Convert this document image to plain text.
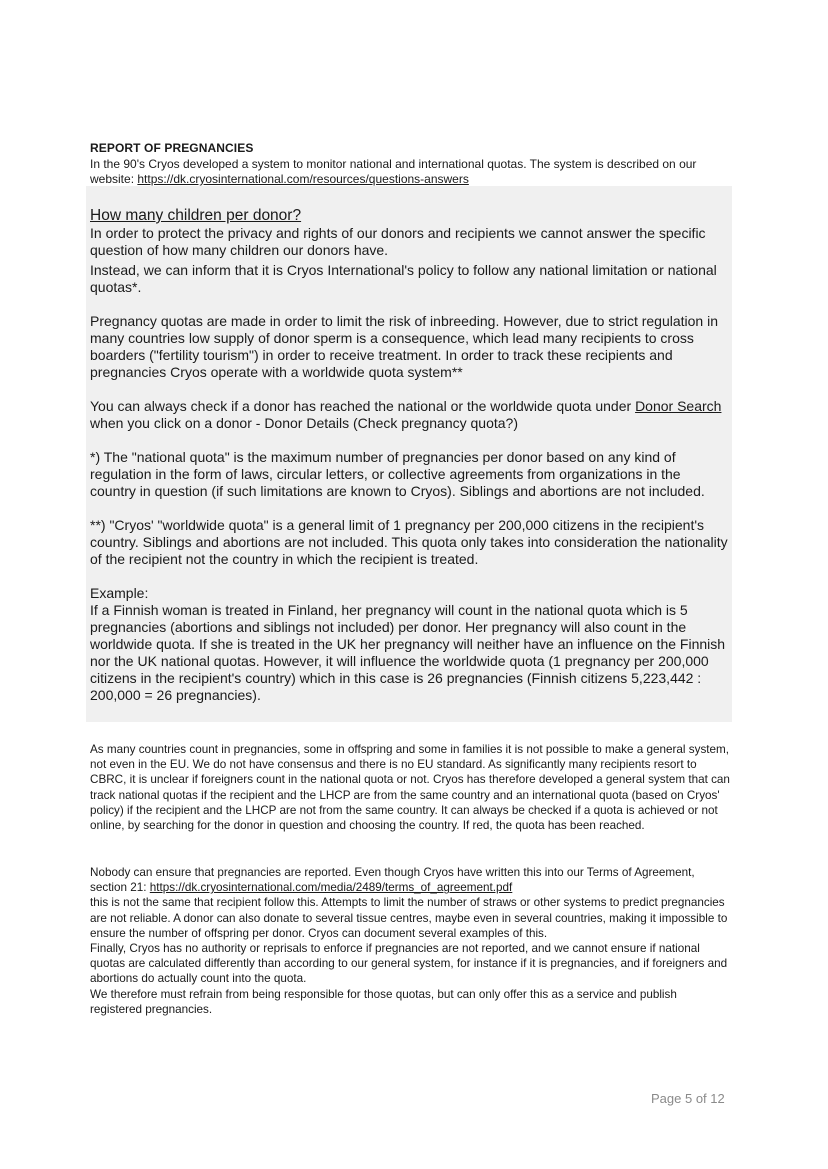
REPORT OF PREGNANCIES
In the 90's Cryos developed a system to monitor national and international quotas. The system is described on our website: https://dk.cryosinternational.com/resources/questions-answers
How many children per donor?

In order to protect the privacy and rights of our donors and recipients we cannot answer the specific question of how many children our donors have.

Instead, we can inform that it is Cryos International's policy to follow any national limitation or national quotas*.

Pregnancy quotas are made in order to limit the risk of inbreeding. However, due to strict regulation in many countries low supply of donor sperm is a consequence, which lead many recipients to cross boarders ("fertility tourism") in order to receive treatment. In order to track these recipients and pregnancies Cryos operate with a worldwide quota system**

You can always check if a donor has reached the national or the worldwide quota under Donor Search when you click on a donor - Donor Details (Check pregnancy quota?)

*) The "national quota" is the maximum number of pregnancies per donor based on any kind of regulation in the form of laws, circular letters, or collective agreements from organizations in the country in question (if such limitations are known to Cryos). Siblings and abortions are not included.

**) "Cryos' "worldwide quota" is a general limit of 1 pregnancy per 200,000 citizens in the recipient's country. Siblings and abortions are not included. This quota only takes into consideration the nationality of the recipient not the country in which the recipient is treated.

Example:

If a Finnish woman is treated in Finland, her pregnancy will count in the national quota which is 5 pregnancies (abortions and siblings not included) per donor. Her pregnancy will also count in the worldwide quota. If she is treated in the UK her pregnancy will neither have an influence on the Finnish nor the UK national quotas. However, it will influence the worldwide quota (1 pregnancy per 200,000 citizens in the recipient's country) which in this case is 26 pregnancies (Finnish citizens 5,223,442 : 200,000 = 26 pregnancies).

As many countries count in pregnancies, some in offspring and some in families it is not possible to make a general system, not even in the EU. We do not have consensus and there is no EU standard. As significantly many recipients resort to CBRC, it is unclear if foreigners count in the national quota or not. Cryos has therefore developed a general system that can track national quotas if the recipient and the LHCP are from the same country and an international quota (based on Cryos' policy) if the recipient and the LHCP are not from the same country. It can always be checked if a quota is achieved or not online, by searching for the donor in question and choosing the country. If red, the quota has been reached.
Nobody can ensure that pregnancies are reported. Even though Cryos have written this into our Terms of Agreement, section 21: https://dk.cryosinternational.com/media/2489/terms_of_agreement.pdf
this is not the same that recipient follow this. Attempts to limit the number of straws or other systems to predict pregnancies are not reliable. A donor can also donate to several tissue centres, maybe even in several countries, making it impossible to ensure the number of offspring per donor. Cryos can document several examples of this.
Finally, Cryos has no authority or reprisals to enforce if pregnancies are not reported, and we cannot ensure if national quotas are calculated differently than according to our general system, for instance if it is pregnancies, and if foreigners and abortions do actually count into the quota.
We therefore must refrain from being responsible for those quotas, but can only offer this as a service and publish registered pregnancies.
Page 5 of 12
